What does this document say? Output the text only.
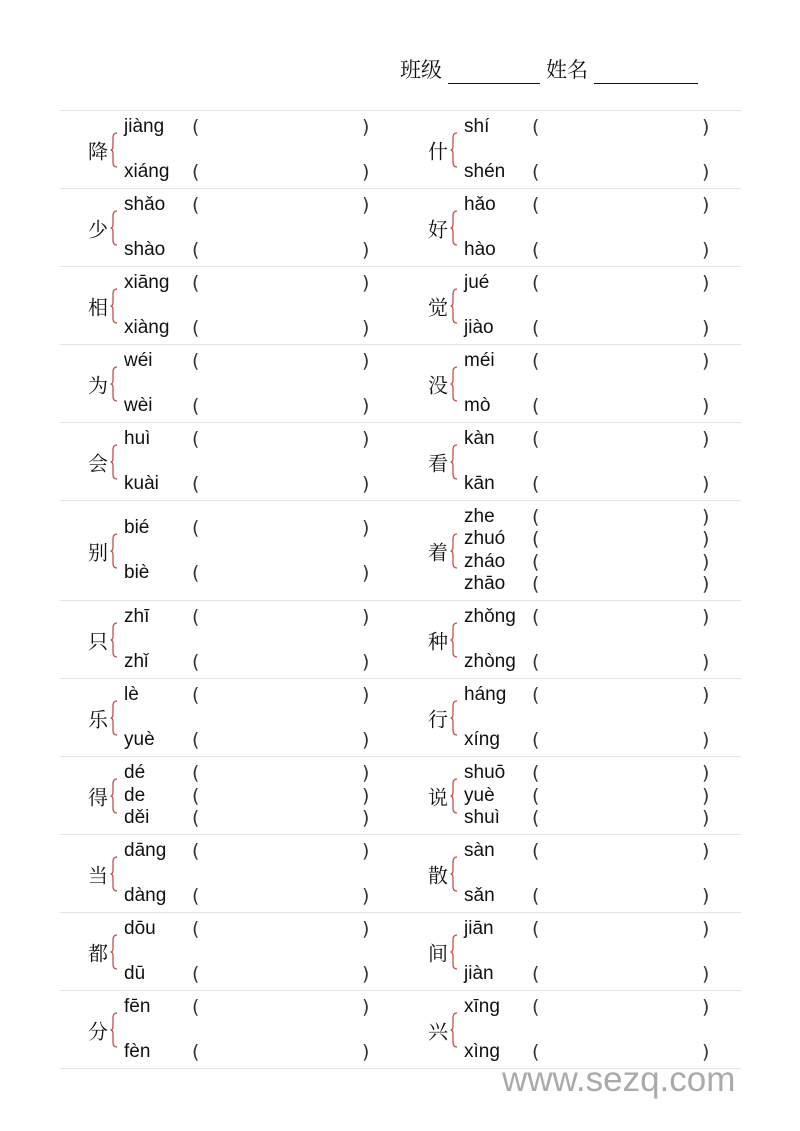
班级	姓名
降
jiàng (	)
xiáng (	)
什
shí (	)
shén (	)
少
shǎo (	)
shào (	)
好
hǎo (	)
hào (	)
相
xiāng (	)
xiàng (	)
觉
jué (	)
jiào (	)
为
wéi (	)
wèi (	)
没
méi (	)
mò (	)
会
huì (	)
kuài (	)
看
kàn (	)
kān (	)
别
bié (	)
biè (	)
着
zhe (	)
zhuó (	)
zháo (	)
zhāo (	)
只
zhī (	)
zhǐ (	)
种
zhǒng (	)
zhòng (	)
乐
lè	(	)
yuè (	)
行
háng (	)
xíng (	)
得
dé (	)
de (	)
děi (	)
说
shuō (	)
yuè (	)
shuì (	)
当
dāng (	)
dàng (	)
散
sàn (	)
sǎn (	)
都
dōu (	)
dū (	)
间
jiān (	)
jiàn (	)
分
fēn (	)
fèn (	)
兴
xīng (	)
xìng (	)
www.sezq.com
